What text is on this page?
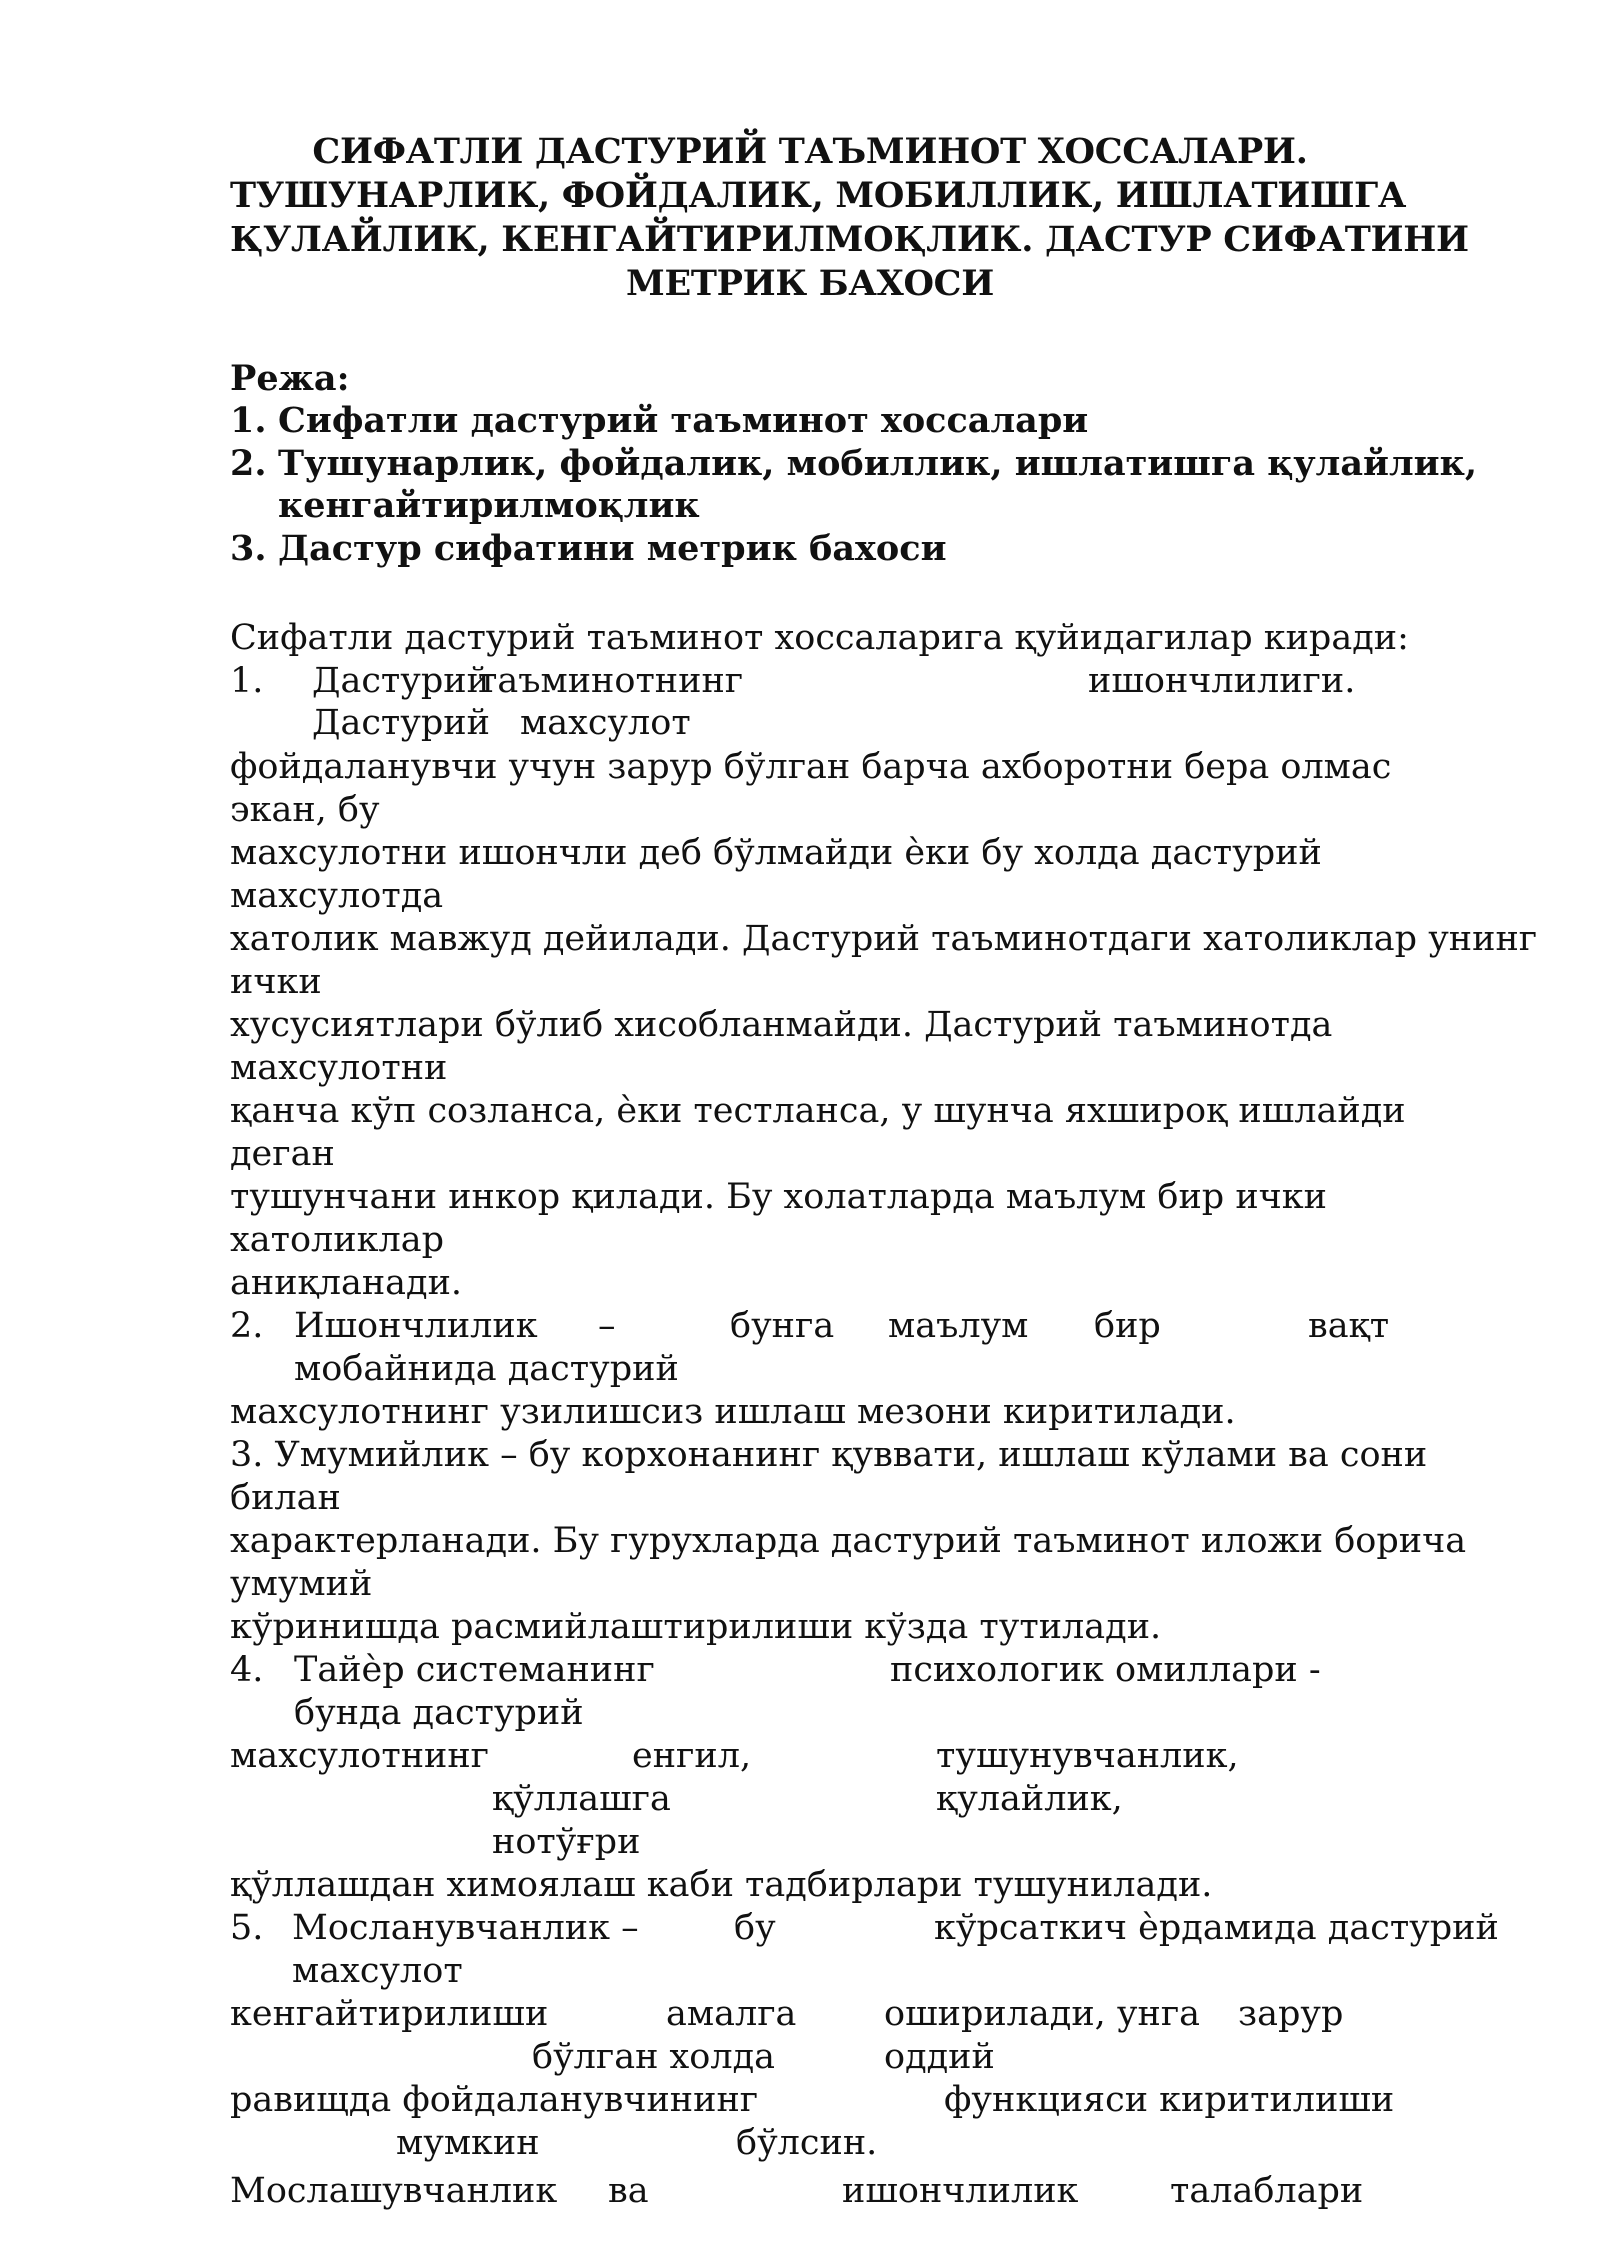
СИФАТЛИ ДАСТУРИЙ ТАЪМИНОТ ХОССАЛАРИ.
ТУШУНАРЛИК, ФОЙДАЛИК, МОБИЛЛИК, ИШЛАТИШГА
ҚУЛАЙЛИК, КЕНГАЙТИРИЛМОҚЛИК. ДАСТУР СИФАТИНИ
МЕТРИК БАХОСИ
Режа:
1. Сифатли дастурий таъминот хоссалари
2. Тушунарлик, фойдалик, мобиллик, ишлатишга қулайлик,
кенгайтирилмоқлик
3. Дастур сифатини метрик бахоси
Сифатли дастурий таъминот хоссаларига қуйидагилар киради:
1. Дастурий
таъминотнинг	ишончлилиги.
Дастурий махсулот
фойдаланувчи учун зарур бўлган барча ахборотни бера олмас
экан, бу
махсулотни ишончли деб бўлмайди ѐки бу холда дастурий
махсулотда
хатолик мавжуд дейилади. Дастурий таъминотдаги хатоликлар унинг
ички
хусусиятлари бўлиб хисобланмайди. Дастурий таъминотда
махсулотни
қанча кўп созланса, ѐки тестланса, у шунча яхшироқ ишлайди
деган
тушунчани инкор қилади. Бу холатларда маълум бир ички
хатоликлар
аниқланади.
2. Ишончлилик –	бунга маълум бир	вақт
мобайнида дастурий
махсулотнинг узилишсиз ишлаш мезони киритилади.
3. Умумийлик – бу корхонанинг қуввати, ишлаш кўлами ва сони
билан
характерланади. Бу гурухларда дастурий таъминот иложи борича
умумий
кўринишда расмийлаштирилиши кўзда тутилади.
4. Тайѐр системанинг	психологик омиллари -
бунда дастурий
махсулотнинг	енгил,	тушунувчанлик,
қўллашга	қулайлик,
нотўғри
қўллашдан химоялаш каби тадбирлари тушунилади.
5. Мосланувчанлик –	бу	кўрсаткич ѐрдамида дастурий
махсулот
кенгайтирилиши	амалга	оширилади, унга зарур
бўлган холда	оддий
равищда фойдаланувчининг	функцияси киритилиши
мумкин	бўлсин.
Мослашувчанлик ва	ишончлилик	талаблари
